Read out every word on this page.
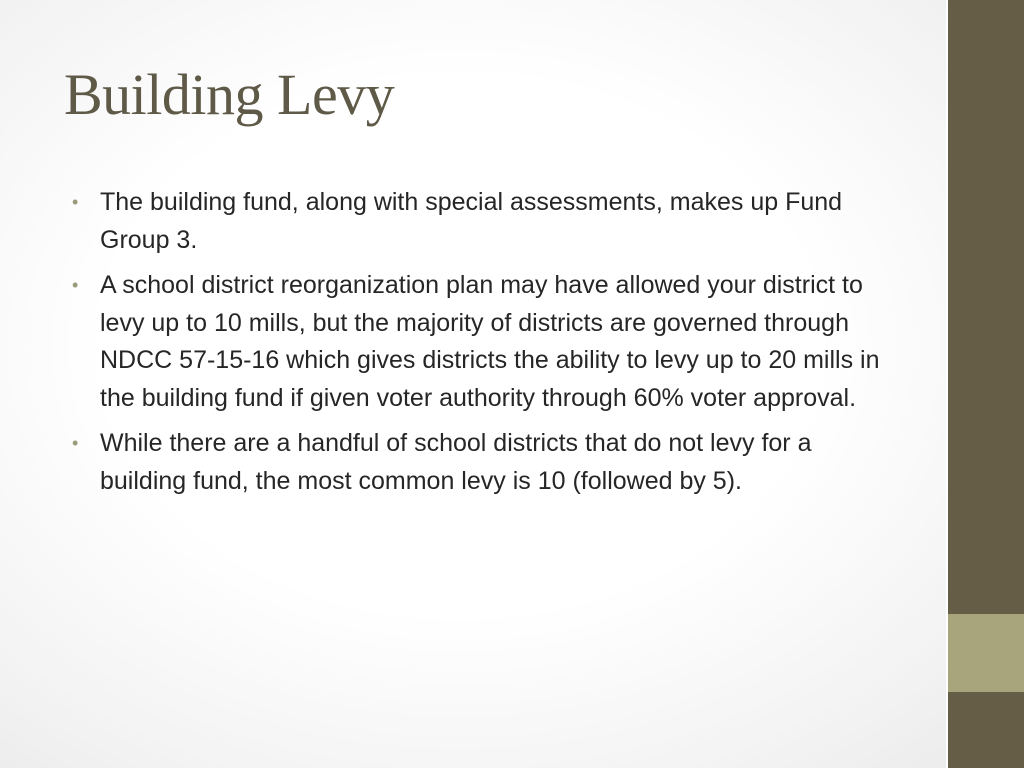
Building Levy
• The building fund, along with special assessments, makes up Fund Group 3.
• A school district reorganization plan may have allowed your district to levy up to 10 mills, but the majority of districts are governed through NDCC 57-15-16 which gives districts the ability to levy up to 20 mills in the building fund if given voter authority through 60% voter approval.
• While there are a handful of school districts that do not levy for a building fund, the most common levy is 10 (followed by 5).
